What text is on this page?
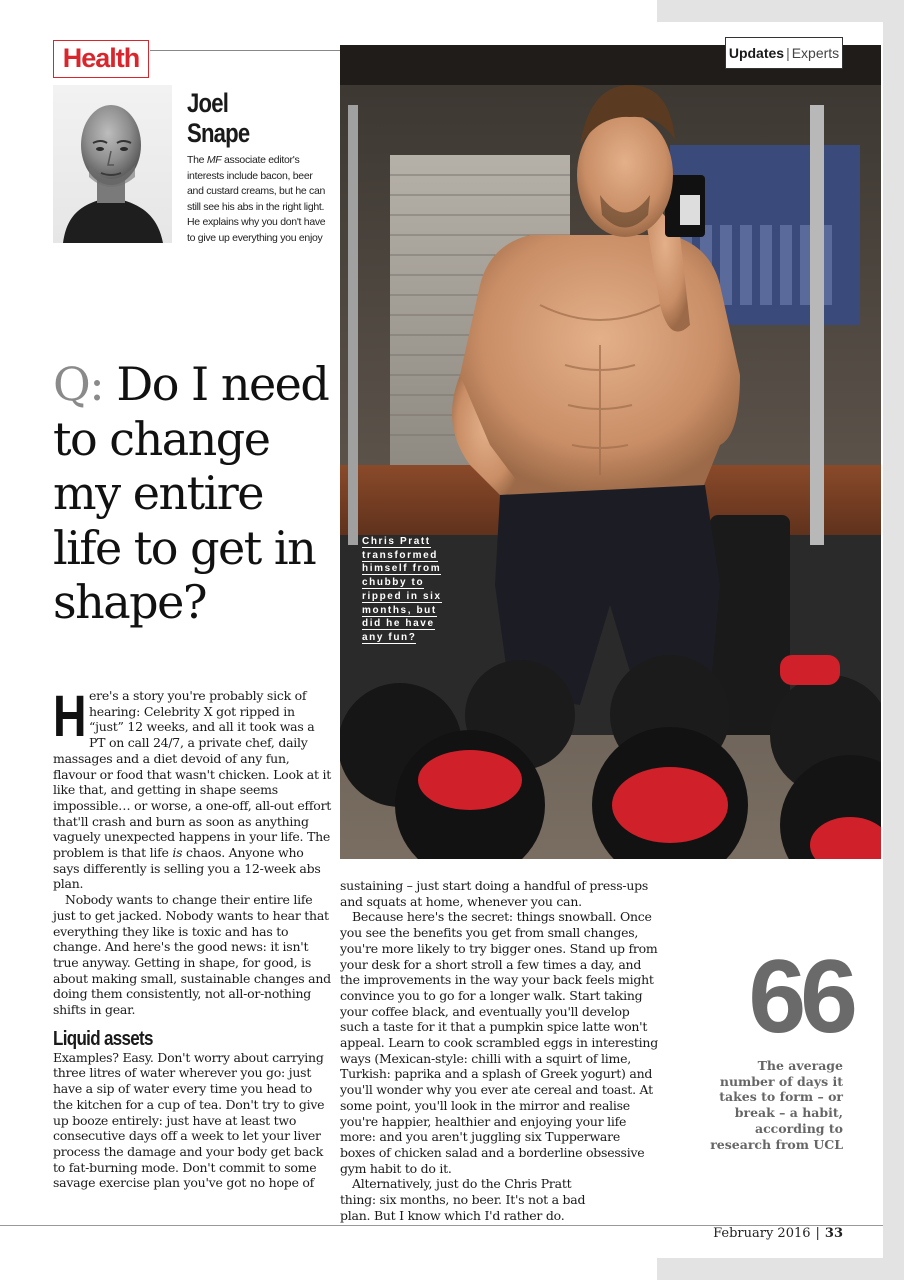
Health	Updates | Experts
Joel
Snape
The MF associate editor's interests include bacon, beer and custard creams, but he can still see his abs in the right light. He explains why you don't have to give up everything you enjoy
Chris Pratt
transformed
himself from
chubby to
ripped in six
months, but
did he have
any fun?
Q: Do I need to change my entire life to get in shape?

Here's a story you're probably sick of hearing: Celebrity X got ripped in “just” 12 weeks, and all it took was a PT on call 24/7, a private chef, daily massages and a diet devoid of any fun, flavour or food that wasn't chicken. Look at it like that, and getting in shape seems impossible… or worse, a one-off, all-out effort that'll crash and burn as soon as anything vaguely unexpected happens in your life. The problem is that life is chaos. Anyone who says differently is selling you a 12-week abs plan.

Nobody wants to change their entire life just to get jacked. Nobody wants to hear that everything they like is toxic and has to change. And here's the good news: it isn't true anyway. Getting in shape, for good, is about making small, sustainable changes and doing them consistently, not all-or-nothing shifts in gear.

Liquid assets

Examples? Easy. Don't worry about carrying three litres of water wherever you go: just have a sip of water every time you head to the kitchen for a cup of tea. Don't try to give up booze entirely: just have at least two consecutive days off a week to let your liver process the damage and your body get back to fat-burning mode. Don't commit to some savage exercise plan you've got no hope of

sustaining – just start doing a handful of press-ups and squats at home, whenever you can.

Because here's the secret: things snowball. Once you see the benefits you get from small changes, you're more likely to try bigger ones. Stand up from your desk for a short stroll a few times a day, and the improvements in the way your back feels might convince you to go for a longer walk. Start taking your coffee black, and eventually you'll develop such a taste for it that a pumpkin spice latte won't appeal. Learn to cook scrambled eggs in interesting ways (Mexican-style: chilli with a squirt of lime, Turkish: paprika and a splash of Greek yogurt) and you'll wonder why you ever ate cereal and toast. At some point, you'll look in the mirror and realise you're happier, healthier and enjoying your life more: and you aren't juggling six Tupperware boxes of chicken salad and a borderline obsessive gym habit to do it.

Alternatively, just do the Chris Pratt thing: six months, no beer. It's not a bad plan. But I know which I'd rather do.

66
The average number of days it takes to form – or break – a habit, according to research from UCL
February 2016 | 33
